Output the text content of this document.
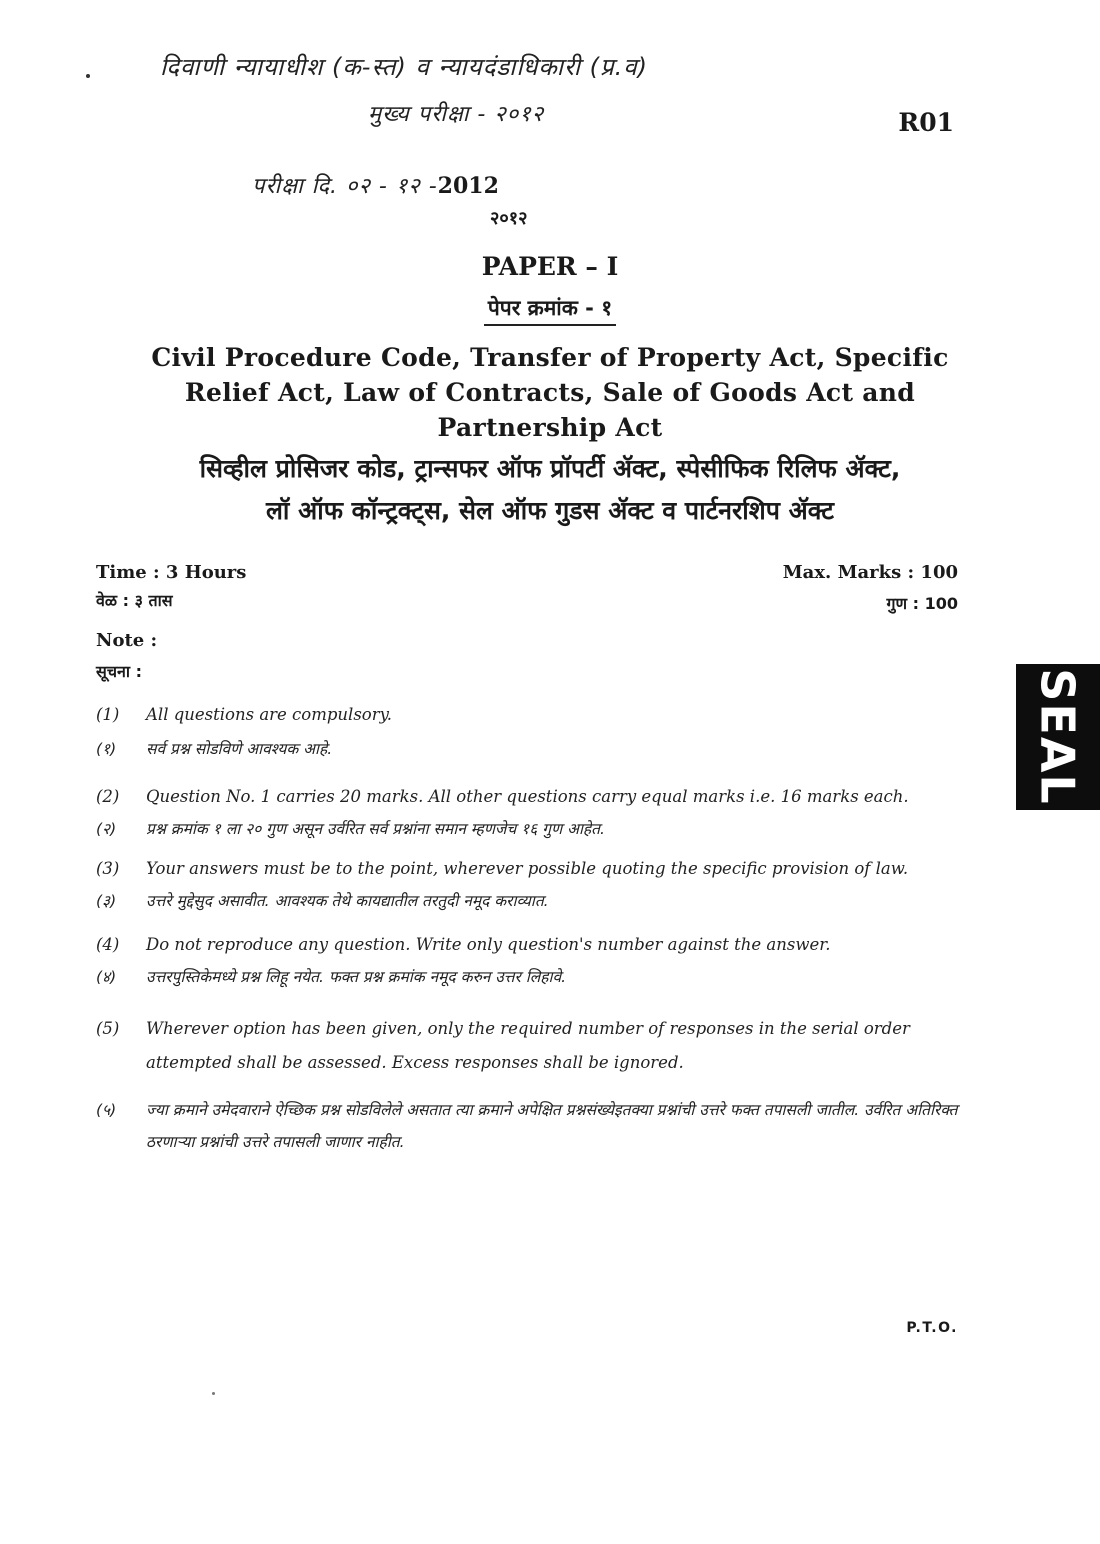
दिवाणी न्यायाधीश (क-स्त) व न्यायदंडाधिकारी (प्र.व)
मुख्य परीक्षा - २०१२	R01
परीक्षा दि. ०२ - १२ -2012
२०१२
PAPER – I
पेपर क्रमांक - १
Civil Procedure Code, Transfer of Property Act, Specific
Relief Act, Law of Contracts, Sale of Goods Act and
Partnership Act
सिव्हील प्रोसिजर कोड, ट्रान्सफर ऑफ प्रॉपर्टी ॲक्ट, स्पेसीफिक रिलिफ ॲक्ट,
लॉ ऑफ कॉन्ट्रक्ट्स, सेल ऑफ गुडस ॲक्ट व पार्टनरशिप ॲक्ट
Time : 3 Hours
वेळ : ३ तास
Max. Marks : 100
गुण : 100
Note :
सूचना :
(1)	All questions are compulsory.
(१)	सर्व प्रश्न सोडविणे आवश्यक आहे.
(2)	Question No. 1 carries 20 marks. All other questions carry equal marks i.e. 16 marks each.
(२)	प्रश्न क्रमांक १ ला २० गुण असून उर्वरित सर्व प्रश्नांना समान म्हणजेच १६ गुण आहेत.
(3)	Your answers must be to the point, wherever possible quoting the specific provision of law.
(३)	उत्तरे मुद्देसुद असावीत. आवश्यक तेथे कायद्यातील तरतुदी नमूद कराव्यात.
(4)	Do not reproduce any question. Write only question's number against the answer.
(४)	उत्तरपुस्तिकेमध्ये प्रश्न लिहू नयेत. फक्त प्रश्न क्रमांक नमूद करुन उत्तर लिहावे.
(5)	Wherever option has been given, only the required number of responses in the serial order attempted shall be assessed. Excess responses shall be ignored.
(५)	ज्या क्रमाने उमेदवाराने ऐच्छिक प्रश्न सोडविलेले असतात त्या क्रमाने अपेक्षित प्रश्नसंख्येइतक्या प्रश्नांची उत्तरे फक्त तपासली जातील. उर्वरित अतिरिक्त ठरणाऱ्या प्रश्नांची उत्तरे तपासली जाणार नाहीत.
P.T.O.
SEAL
